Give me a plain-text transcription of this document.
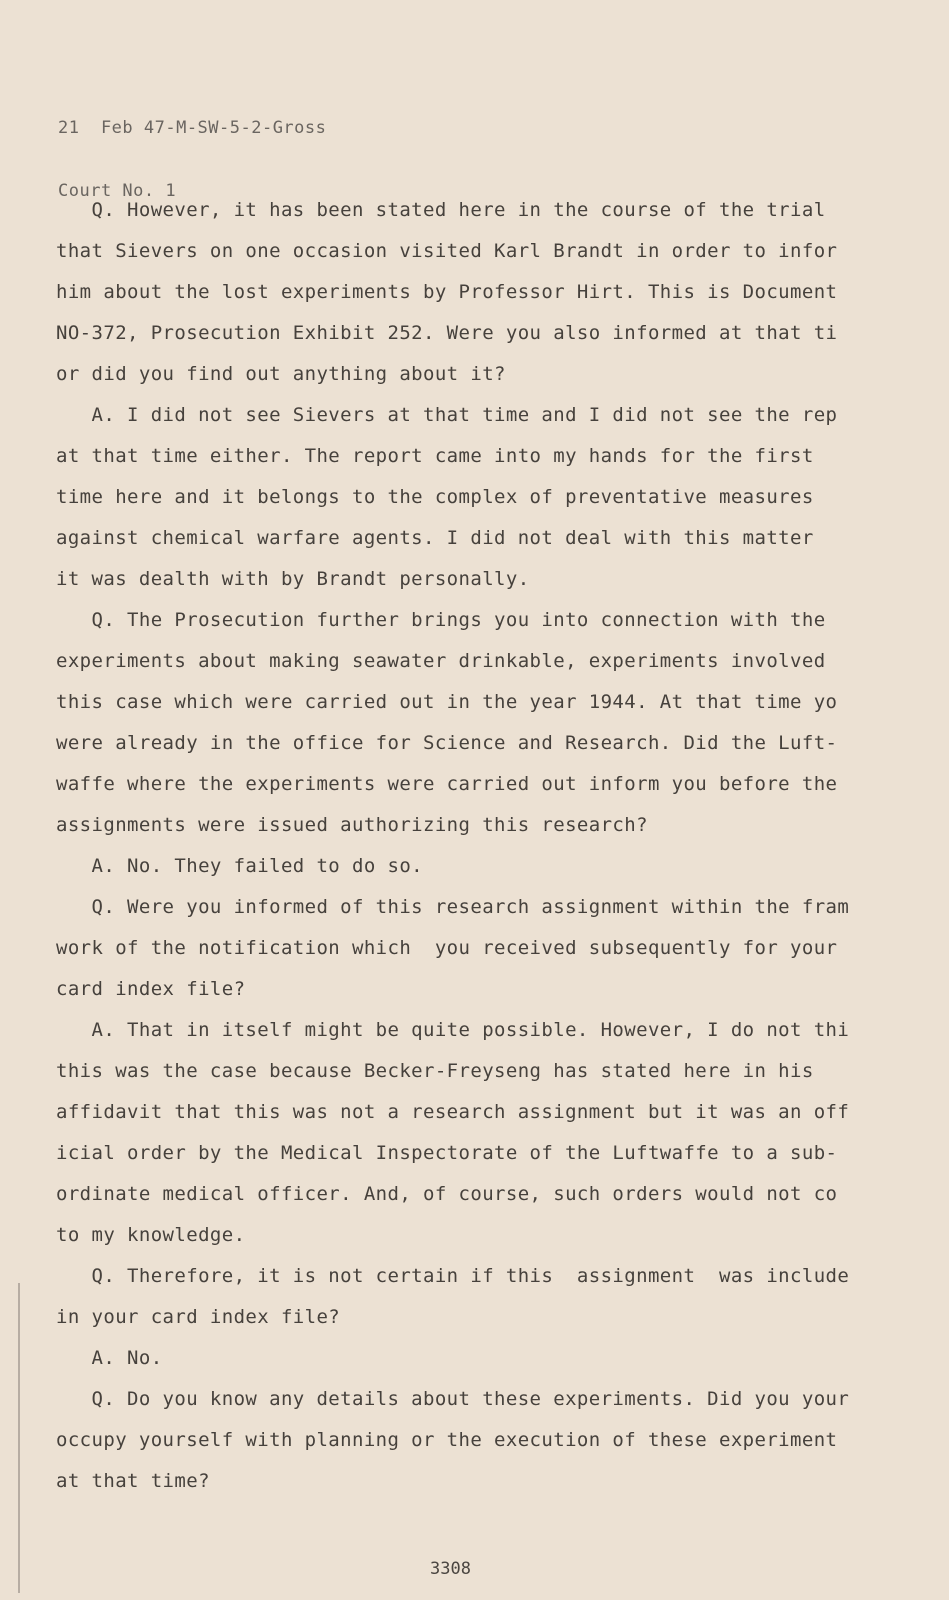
21  Feb 47-M-SW-5-2-Gross

Court No. 1

Q. However, it has been stated here in the course of the trial
that Sievers on one occasion visited Karl Brandt in order to infor
him about the lost experiments by Professor Hirt. This is Document
NO-372, Prosecution Exhibit 252. Were you also informed at that ti
or did you find out anything about it?
A. I did not see Sievers at that time and I did not see the rep
at that time either. The report came into my hands for the first
time here and it belongs to the complex of preventative measures
against chemical warfare agents. I did not deal with this matter
it was dealth with by Brandt personally.
Q. The Prosecution further brings you into connection with the
experiments about making seawater drinkable, experiments involved
this case which were carried out in the year 1944. At that time yo
were already in the office for Science and Research. Did the Luft-
waffe where the experiments were carried out inform you before the
assignments were issued authorizing this research?
A. No. They failed to do so.
Q. Were you informed of this research assignment within the fram
work of the notification which  you received subsequently for your
card index file?
A. That in itself might be quite possible. However, I do not thi
this was the case because Becker-Freyseng has stated here in his
affidavit that this was not a research assignment but it was an off
icial order by the Medical Inspectorate of the Luftwaffe to a sub-
ordinate medical officer. And, of course, such orders would not co
to my knowledge.
Q. Therefore, it is not certain if this  assignment  was include
in your card index file?
A. No.
Q. Do you know any details about these experiments. Did you your
occupy yourself with planning or the execution of these experiment
at that time?
3308
